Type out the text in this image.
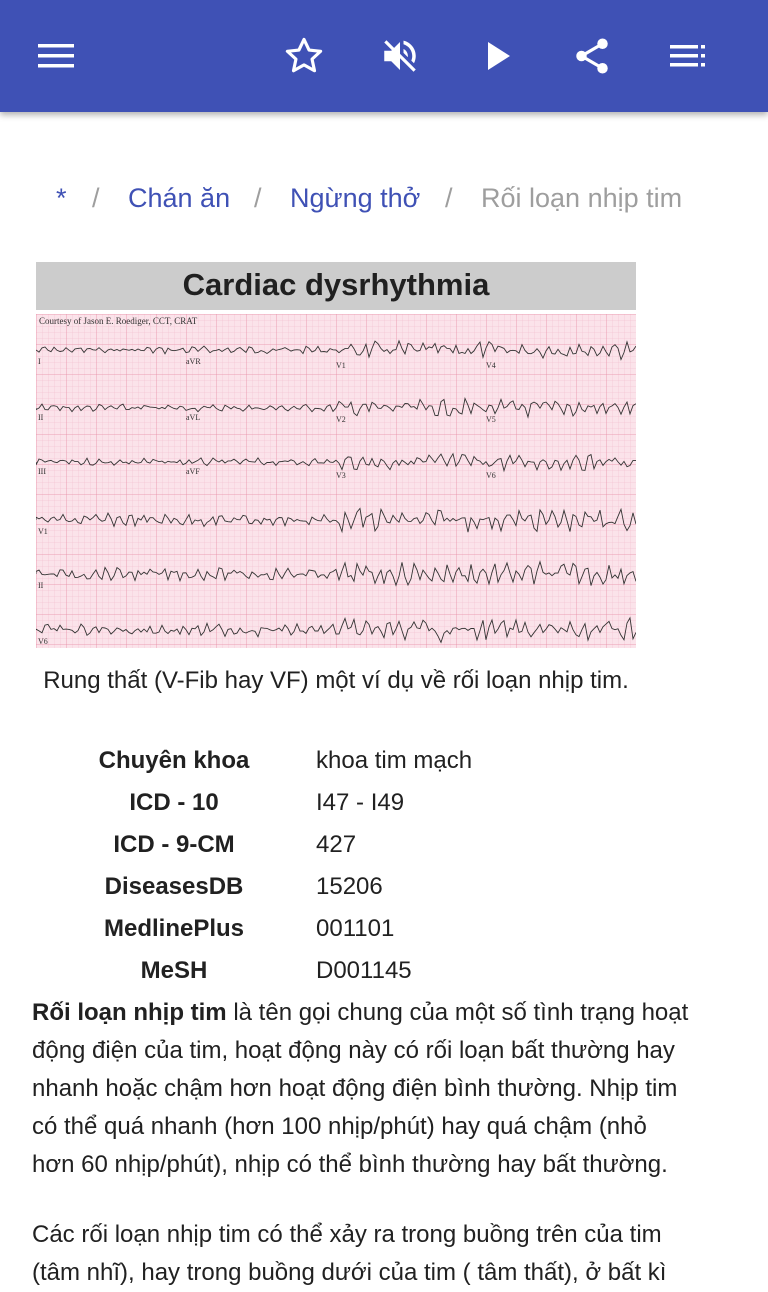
* / Chán ăn / Ngừng thở / Rối loạn nhịp tim
Cardiac dysrhythmia
Courtesy of Jason E. Roediger, CCT, CRAT
I	aVR	V1	V4
II	aVL	V2	V5
III	aVF	V3	V6
V1
II
V6
Rung thất (V-Fib hay VF) một ví dụ về rối loạn nhịp tim.
Chuyên khoa	khoa tim mạch
ICD - 10	I47 - I49
ICD - 9-CM	427
DiseasesDB	15206
MedlinePlus	001101
MeSH	D001145
Rối loạn nhịp tim là tên gọi chung của một số tình trạng hoạt
động điện của tim, hoạt động này có rối loạn bất thường hay
nhanh hoặc chậm hơn hoạt động điện bình thường. Nhịp tim
có thể quá nhanh (hơn 100 nhịp/phút) hay quá chậm (nhỏ
hơn 60 nhịp/phút), nhịp có thể bình thường hay bất thường.
Các rối loạn nhịp tim có thể xảy ra trong buồng trên của tim
(tâm nhĩ), hay trong buồng dưới của tim ( tâm thất), ở bất kì
